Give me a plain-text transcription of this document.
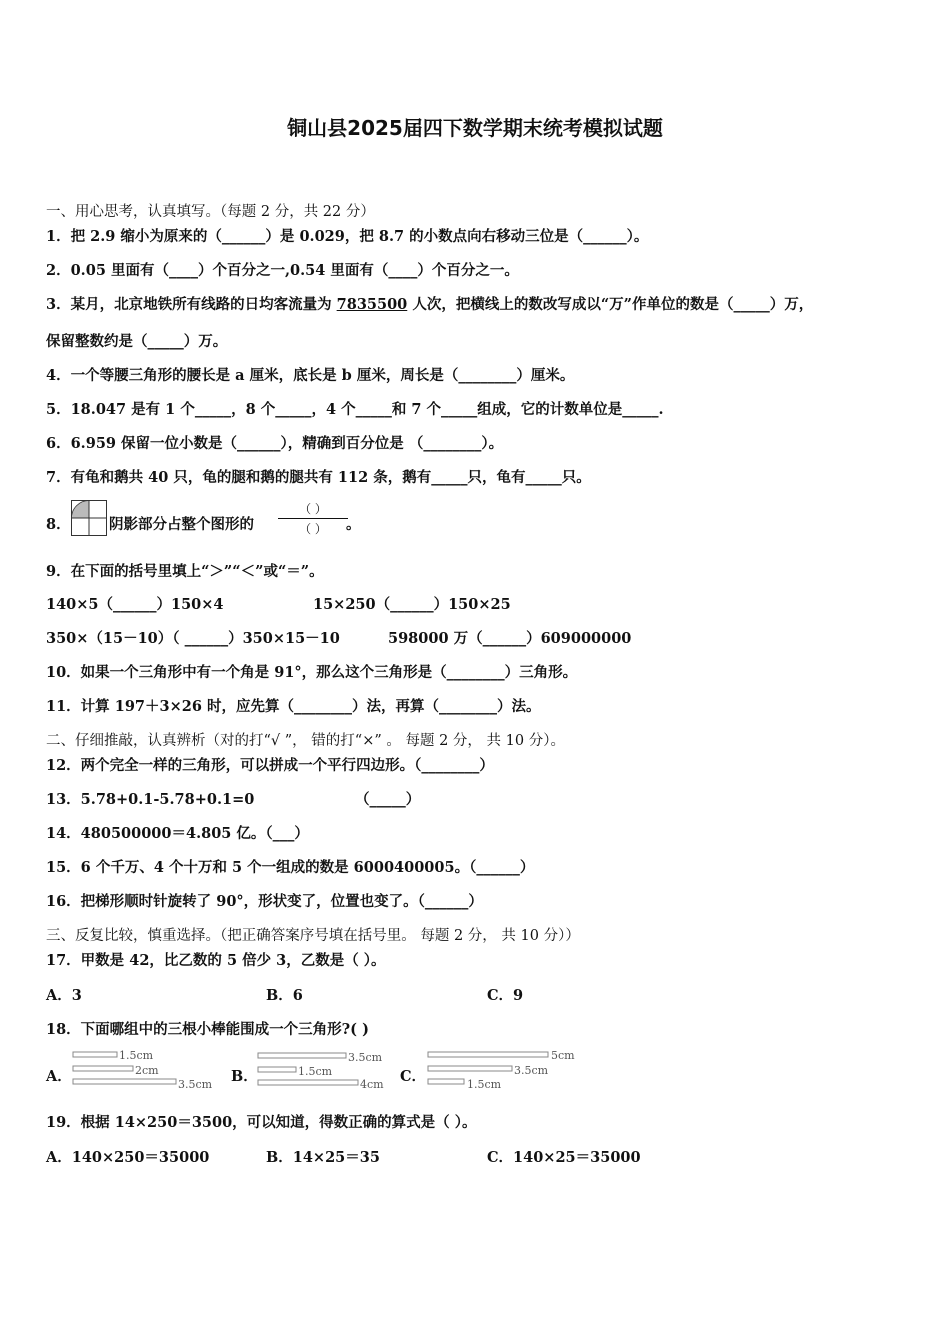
铜山县2025届四下数学期末统考模拟试题
一、用心思考，认真填写。（每题 2 分，共 22 分）
1．把 2.9 缩小为原来的（______）是 0.029，把 8.7 的小数点向右移动三位是（______）。
2．0.05 里面有（____）个百分之一,0.54 里面有（____）个百分之一。
3．某月，北京地铁所有线路的日均客流量为 7835500 人次，把横线上的数改写成以“万”作单位的数是（_____）万，
保留整数约是（_____）万。
4．一个等腰三角形的腰长是 a 厘米，底长是 b 厘米，周长是（________）厘米。
5．18.047 是有 1 个_____，8 个_____，4 个_____和 7 个_____组成，它的计数单位是_____.
6．6.959 保留一位小数是（______），精确到百分位是 （________）。
7．有龟和鹅共 40 只，龟的腿和鹅的腿共有 112 条，鹅有_____只，龟有_____只。
8．	阴影部分占整个图形的
（ ）
（ ）	。
9．在下面的括号里填上“＞”“＜”或“＝”。
140×5（______）150×4	15×250（______）150×25
350×（15－10）（ ______）350×15－10	598000 万（______）609000000
10．如果一个三角形中有一个角是 91°，那么这个三角形是（________）三角形。
11．计算 197＋3×26 时，应先算（________）法，再算（________）法。
二、仔细推敲，认真辨析（对的打“√ ”， 错的打“×” 。 每题 2 分， 共 10 分）。
12．两个完全一样的三角形，可以拼成一个平行四边形。（________）
13．5.78+0.1-5.78+0.1=0	（_____）
14．480500000＝4.805 亿。（___）
15．6 个千万、4 个十万和 5 个一组成的数是 6000400005。（______）
16．把梯形顺时针旋转了 90°，形状变了，位置也变了。（______）
三、反复比较，慎重选择。（把正确答案序号填在括号里。 每题 2 分， 共 10 分））
17．甲数是 42，比乙数的 5 倍少 3，乙数是（ ）。
A．3	B．6	C．9
18．下面哪组中的三根小棒能围成一个三角形?( )
A．
1.5cm
2cm
3.5cm B．
3.5cm
1.5cm
4cm C．
5cm
3.5cm
1.5cm
19．根据 14×250＝3500，可以知道，得数正确的算式是（ ）。
A．140×250＝35000	B．14×25＝35	C．140×25＝35000
